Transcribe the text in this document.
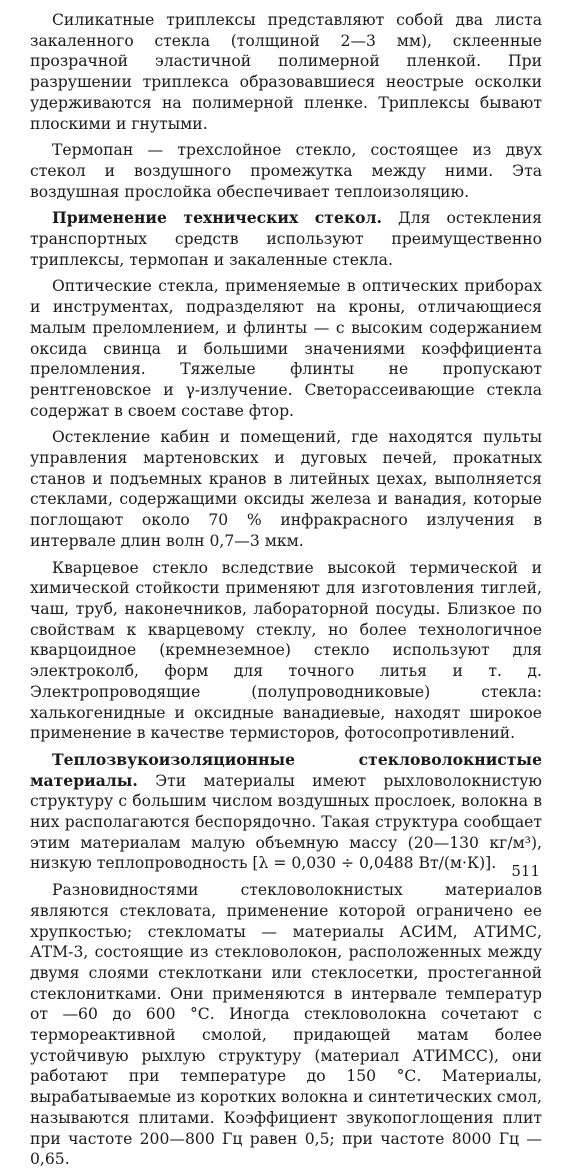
Силикатные триплексы представляют собой два листа закаленного стекла (толщиной 2—3 мм), склеенные прозрачной эластичной полимерной пленкой. При разрушении триплекса образовавшиеся неострые осколки удерживаются на полимерной пленке. Триплексы бывают плоскими и гнутыми.

Термопан — трехслойное стекло, состоящее из двух стекол и воздушного промежутка между ними. Эта воздушная прослойка обеспечивает теплоизоляцию.

Применение технических стекол. Для остекления транспортных средств используют преимущественно триплексы, термопан и закаленные стекла.

Оптические стекла, применяемые в оптических приборах и инструментах, подразделяют на кроны, отличающиеся малым преломлением, и флинты — с высоким содержанием оксида свинца и большими значениями коэффициента преломления. Тяжелые флинты не пропускают рентгеновское и γ-излучение. Светорассеивающие стекла содержат в своем составе фтор.

Остекление кабин и помещений, где находятся пульты управления мартеновских и дуговых печей, прокатных станов и подъемных кранов в литейных цехах, выполняется стеклами, содержащими оксиды железа и ванадия, которые поглощают около 70 % инфракрасного излучения в интервале длин волн 0,7—3 мкм.

Кварцевое стекло вследствие высокой термической и химической стойкости применяют для изготовления тиглей, чаш, труб, наконечников, лабораторной посуды. Близкое по свойствам к кварцевому стеклу, но более технологичное кварцоидное (кремнеземное) стекло используют для электроколб, форм для точного литья и т. д. Электропроводящие (полупроводниковые) стекла: халькогенидные и оксидные ванадиевые, находят широкое применение в качестве термисторов, фотосопротивлений.

Теплозвукоизоляционные стекловолокнистые материалы. Эти материалы имеют рыхловолокнистую структуру с большим числом воздушных прослоек, волокна в них располагаются беспорядочно. Такая структура сообщает этим материалам малую объемную массу (20—130 кг/м³), низкую теплопроводность [λ = 0,030 ÷ 0,0488 Вт/(м·К)].

Разновидностями стекловолокнистых материалов являются стекловата, применение которой ограничено ее хрупкостью; стекломаты — материалы АСИМ, АТИМС, АТМ-3, состоящие из стекловолокон, расположенных между двумя слоями стеклоткани или стеклосетки, простеганной стеклонитками. Они применяются в интервале температур от —60 до 600 °С. Иногда стекловолокна сочетают с термореактивной смолой, придающей матам более устойчивую рыхлую структуру (материал АТИМСС), они работают при температуре до 150 °С. Материалы, вырабатываемые из коротких волокна и синтетических смол, называются плитами. Коэффициент звукопоглощения плит при частоте 200—800 Гц равен 0,5; при частоте 8000 Гц — 0,65.

511
